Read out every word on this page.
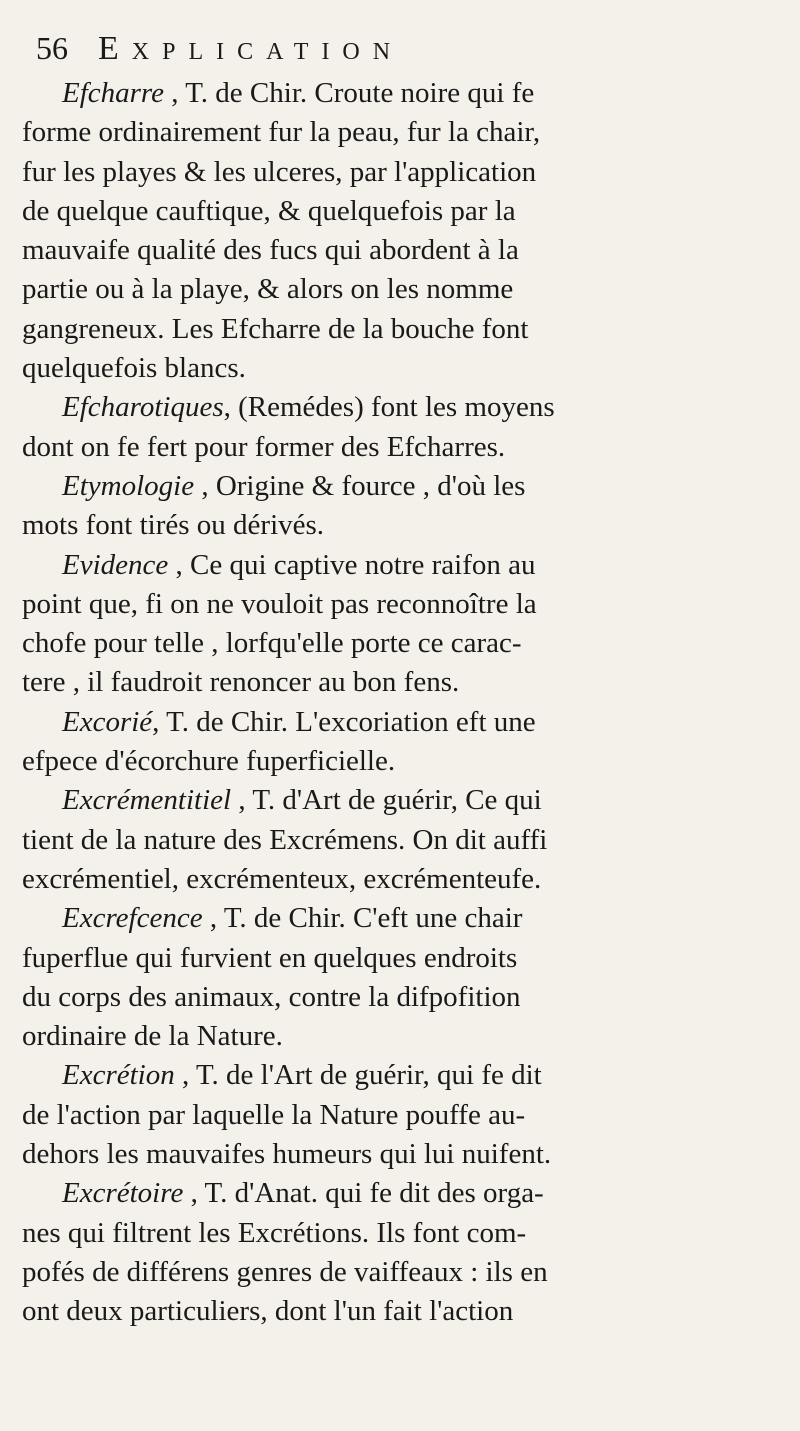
56 Explication
Efcharre , T. de Chir. Croute noire qui fe
forme ordinairement fur la peau, fur la chair,
fur les playes & les ulceres, par l'application
de quelque cauftique, & quelquefois par la
mauvaife qualité des fucs qui abordent à la
partie ou à la playe, & alors on les nomme
gangreneux. Les Efcharre de la bouche font
quelquefois blancs.
Efcharotiques, (Remédes) font les moyens
dont on fe fert pour former des Efcharres.
Etymologie , Origine & fource , d'où les
mots font tirés ou dérivés.
Evidence , Ce qui captive notre raifon au
point que, fi on ne vouloit pas reconnoître la
chofe pour telle , lorfqu'elle porte ce carac-
tere , il faudroit renoncer au bon fens.
Excorié, T. de Chir. L'excoriation eft une
efpece d'écorchure fuperficielle.
Excrémentitiel , T. d'Art de guérir, Ce qui
tient de la nature des Excrémens. On dit auffi
excrémentiel, excrémenteux, excrémenteufe.
Excrefcence , T. de Chir. C'eft une chair
fuperflue qui furvient en quelques endroits
du corps des animaux, contre la difpofition
ordinaire de la Nature.
Excrétion , T. de l'Art de guérir, qui fe dit
de l'action par laquelle la Nature pouffe au-
dehors les mauvaifes humeurs qui lui nuifent.
Excrétoire , T. d'Anat. qui fe dit des orga-
nes qui filtrent les Excrétions. Ils font com-
pofés de différens genres de vaiffeaux : ils en
ont deux particuliers, dont l'un fait l'action
